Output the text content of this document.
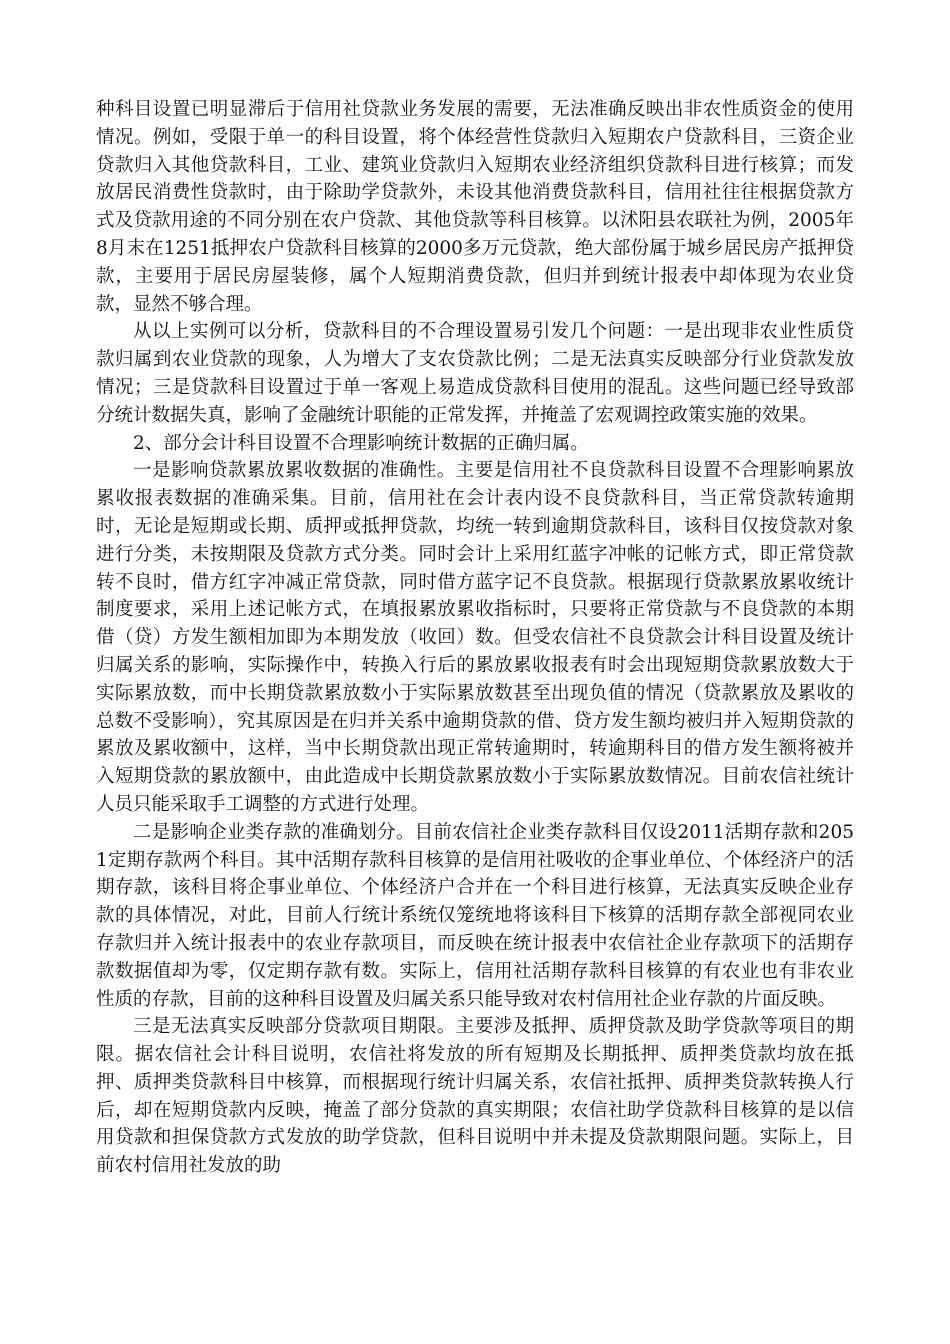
种科目设置已明显滞后于信用社贷款业务发展的需要，无法准确反映出非农性质资金的使用情况。例如，受限于单一的科目设置，将个体经营性贷款归入短期农户贷款科目，三资企业贷款归入其他贷款科目，工业、建筑业贷款归入短期农业经济组织贷款科目进行核算；而发放居民消费性贷款时，由于除助学贷款外，未设其他消费贷款科目，信用社往往根据贷款方式及贷款用途的不同分别在农户贷款、其他贷款等科目核算。以沭阳县农联社为例，2005年8月末在1251抵押农户贷款科目核算的2000多万元贷款，绝大部份属于城乡居民房产抵押贷款，主要用于居民房屋装修，属个人短期消费贷款，但归并到统计报表中却体现为农业贷款，显然不够合理。

从以上实例可以分析，贷款科目的不合理设置易引发几个问题：一是出现非农业性质贷款归属到农业贷款的现象，人为增大了支农贷款比例；二是无法真实反映部分行业贷款发放情况；三是贷款科目设置过于单一客观上易造成贷款科目使用的混乱。这些问题已经导致部分统计数据失真，影响了金融统计职能的正常发挥，并掩盖了宏观调控政策实施的效果。

2、部分会计科目设置不合理影响统计数据的正确归属。

一是影响贷款累放累收数据的准确性。主要是信用社不良贷款科目设置不合理影响累放累收报表数据的准确采集。目前，信用社在会计表内设不良贷款科目，当正常贷款转逾期时，无论是短期或长期、质押或抵押贷款，均统一转到逾期贷款科目，该科目仅按贷款对象进行分类，未按期限及贷款方式分类。同时会计上采用红蓝字冲帐的记帐方式，即正常贷款转不良时，借方红字冲减正常贷款，同时借方蓝字记不良贷款。根据现行贷款累放累收统计制度要求，采用上述记帐方式，在填报累放累收指标时，只要将正常贷款与不良贷款的本期借（贷）方发生额相加即为本期发放（收回）数。但受农信社不良贷款会计科目设置及统计归属关系的影响，实际操作中，转换入行后的累放累收报表有时会出现短期贷款累放数大于实际累放数，而中长期贷款累放数小于实际累放数甚至出现负值的情况（贷款累放及累收的总数不受影响），究其原因是在归并关系中逾期贷款的借、贷方发生额均被归并入短期贷款的累放及累收额中，这样，当中长期贷款出现正常转逾期时，转逾期科目的借方发生额将被并入短期贷款的累放额中，由此造成中长期贷款累放数小于实际累放数情况。目前农信社统计人员只能采取手工调整的方式进行处理。

二是影响企业类存款的准确划分。目前农信社企业类存款科目仅设2011活期存款和2051定期存款两个科目。其中活期存款科目核算的是信用社吸收的企事业单位、个体经济户的活期存款，该科目将企事业单位、个体经济户合并在一个科目进行核算，无法真实反映企业存款的具体情况，对此，目前人行统计系统仅笼统地将该科目下核算的活期存款全部视同农业存款归并入统计报表中的农业存款项目，而反映在统计报表中农信社企业存款项下的活期存款数据值却为零，仅定期存款有数。实际上，信用社活期存款科目核算的有农业也有非农业性质的存款，目前的这种科目设置及归属关系只能导致对农村信用社企业存款的片面反映。

三是无法真实反映部分贷款项目期限。主要涉及抵押、质押贷款及助学贷款等项目的期限。据农信社会计科目说明，农信社将发放的所有短期及长期抵押、质押类贷款均放在抵押、质押类贷款科目中核算，而根据现行统计归属关系，农信社抵押、质押类贷款转换人行后，却在短期贷款内反映，掩盖了部分贷款的真实期限；农信社助学贷款科目核算的是以信用贷款和担保贷款方式发放的助学贷款，但科目说明中并未提及贷款期限问题。实际上，目前农村信用社发放的助
